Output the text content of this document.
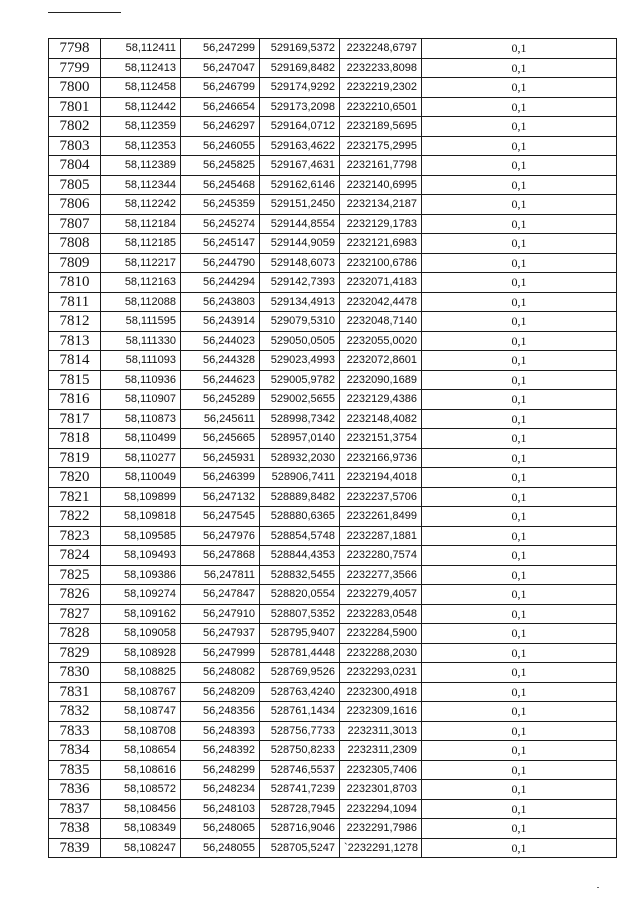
7798	58,112411	56,247299	529169,5372	2232248,6797	0,1
7799	58,112413	56,247047	529169,8482	2232233,8098	0,1
7800	58,112458	56,246799	529174,9292	2232219,2302	0,1
7801	58,112442	56,246654	529173,2098	2232210,6501	0,1
7802	58,112359	56,246297	529164,0712	2232189,5695	0,1
7803	58,112353	56,246055	529163,4622	2232175,2995	0,1
7804	58,112389	56,245825	529167,4631	2232161,7798	0,1
7805	58,112344	56,245468	529162,6146	2232140,6995	0,1
7806	58,112242	56,245359	529151,2450	2232134,2187	0,1
7807	58,112184	56,245274	529144,8554	2232129,1783	0,1
7808	58,112185	56,245147	529144,9059	2232121,6983	0,1
7809	58,112217	56,244790	529148,6073	2232100,6786	0,1
7810	58,112163	56,244294	529142,7393	2232071,4183	0,1
7811	58,112088	56,243803	529134,4913	2232042,4478	0,1
7812	58,111595	56,243914	529079,5310	2232048,7140	0,1
7813	58,111330	56,244023	529050,0505	2232055,0020	0,1
7814	58,111093	56,244328	529023,4993	2232072,8601	0,1
7815	58,110936	56,244623	529005,9782	2232090,1689	0,1
7816	58,110907	56,245289	529002,5655	2232129,4386	0,1
7817	58,110873	56,245611	528998,7342	2232148,4082	0,1
7818	58,110499	56,245665	528957,0140	2232151,3754	0,1
7819	58,110277	56,245931	528932,2030	2232166,9736	0,1
7820	58,110049	56,246399	528906,7411	2232194,4018	0,1
7821	58,109899	56,247132	528889,8482	2232237,5706	0,1
7822	58,109818	56,247545	528880,6365	2232261,8499	0,1
7823	58,109585	56,247976	528854,5748	2232287,1881	0,1
7824	58,109493	56,247868	528844,4353	2232280,7574	0,1
7825	58,109386	56,247811	528832,5455	2232277,3566	0,1
7826	58,109274	56,247847	528820,0554	2232279,4057	0,1
7827	58,109162	56,247910	528807,5352	2232283,0548	0,1
7828	58,109058	56,247937	528795,9407	2232284,5900	0,1
7829	58,108928	56,247999	528781,4448	2232288,2030	0,1
7830	58,108825	56,248082	528769,9526	2232293,0231	0,1
7831	58,108767	56,248209	528763,4240	2232300,4918	0,1
7832	58,108747	56,248356	528761,1434	2232309,1616	0,1
7833	58,108708	56,248393	528756,7733	2232311,3013	0,1
7834	58,108654	56,248392	528750,8233	2232311,2309	0,1
7835	58,108616	56,248299	528746,5537	2232305,7406	0,1
7836	58,108572	56,248234	528741,7239	2232301,8703	0,1
7837	58,108456	56,248103	528728,7945	2232294,1094	0,1
7838	58,108349	56,248065	528716,9046	2232291,7986	0,1
7839	58,108247	56,248055	528705,5247	`2232291,1278	0,1
